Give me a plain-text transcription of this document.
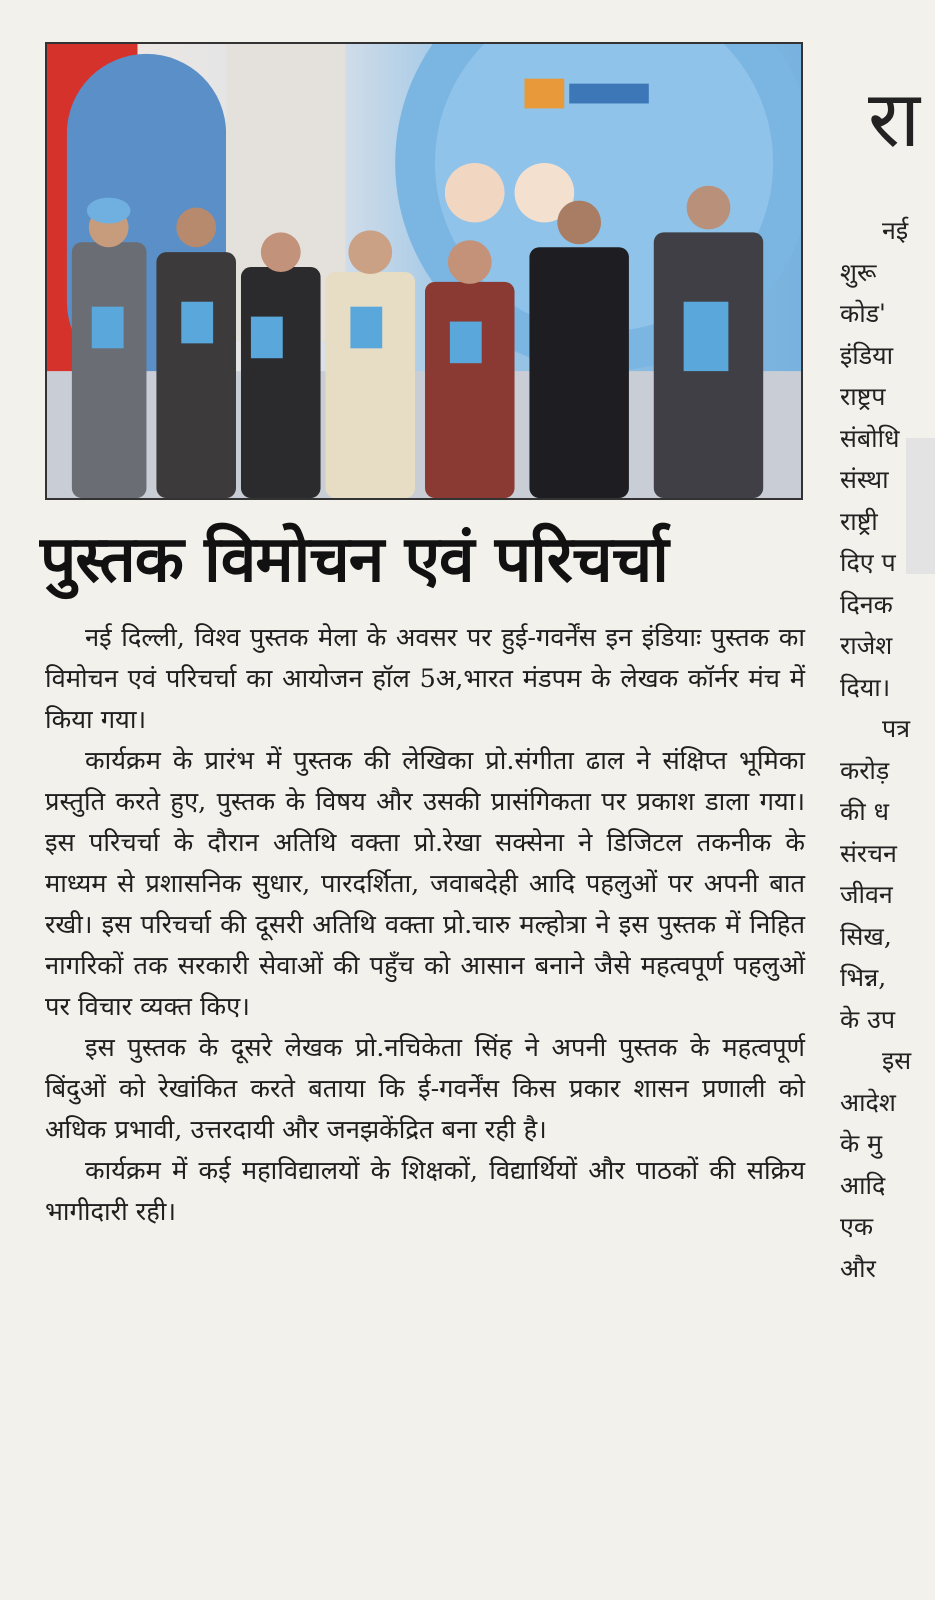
पुस्तक विमोचन एवं परिचर्चा

नई दिल्ली, विश्व पुस्तक मेला के अवसर पर हुई-गवर्नेंस इन इंडियाः पुस्तक का विमोचन एवं परिचर्चा का आयोजन हॉल 5अ,भारत मंडपम के लेखक कॉर्नर मंच में किया गया।

कार्यक्रम के प्रारंभ में पुस्तक की लेखिका प्रो.संगीता ढाल ने संक्षिप्त भूमिका प्रस्तुति करते हुए, पुस्तक के विषय और उसकी प्रासंगिकता पर प्रकाश डाला गया। इस परिचर्चा के दौरान अतिथि वक्ता प्रो.रेखा सक्सेना ने डिजिटल तकनीक के माध्यम से प्रशासनिक सुधार, पारदर्शिता, जवाबदेही आदि पहलुओं पर अपनी बात रखी। इस परिचर्चा की दूसरी अतिथि वक्ता प्रो.चारु मल्होत्रा ने इस पुस्तक में निहित नागरिकों तक सरकारी सेवाओं की पहुँच को आसान बनाने जैसे महत्वपूर्ण पहलुओं पर विचार व्यक्त किए।

इस पुस्तक के दूसरे लेखक प्रो.नचिकेता सिंह ने अपनी पुस्तक के महत्वपूर्ण बिंदुओं को रेखांकित करते बताया कि ई-गवर्नेंस किस प्रकार शासन प्रणाली को अधिक प्रभावी, उत्तरदायी और जनझकेंद्रित बना रही है।

कार्यक्रम में कई महाविद्यालयों के शिक्षकों, विद्यार्थियों और पाठकों की सक्रिय भागीदारी रही।

रा
नई
शुरू
कोड'
इंडिया
राष्ट्रप
संबोधि
संस्था
राष्ट्री
दिए प
दिनक
राजेश
दिया।
पत्र
करोड़
की ध
संरचन
जीवन
सिख,
भिन्न,
के उप
इस
आदेश
के मु
आदि
एक
और
